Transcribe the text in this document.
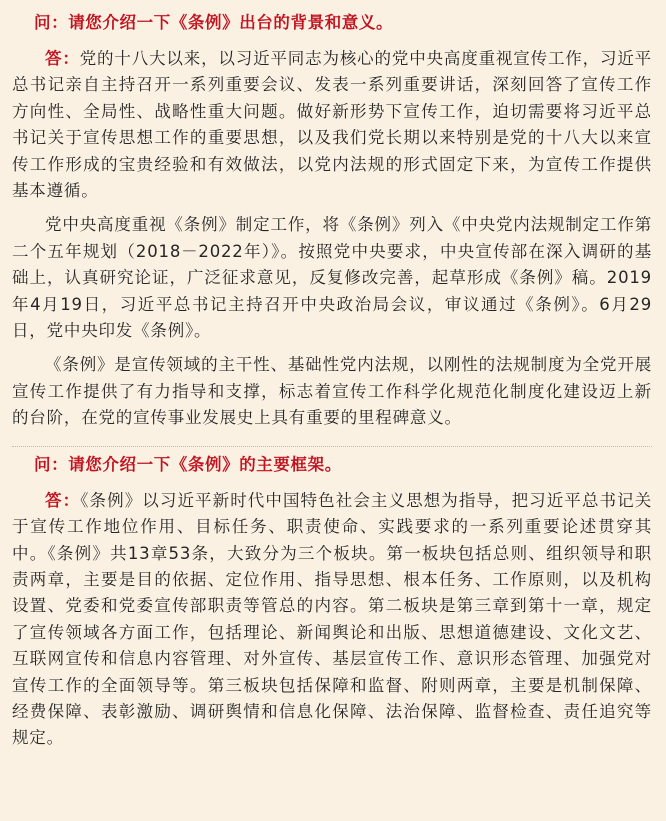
问：请您介绍一下《条例》出台的背景和意义。

答：党的十八大以来，以习近平同志为核心的党中央高度重视宣传工作，习近平总书记亲自主持召开一系列重要会议、发表一系列重要讲话，深刻回答了宣传工作方向性、全局性、战略性重大问题。做好新形势下宣传工作，迫切需要将习近平总书记关于宣传思想工作的重要思想，以及我们党长期以来特别是党的十八大以来宣传工作形成的宝贵经验和有效做法，以党内法规的形式固定下来，为宣传工作提供基本遵循。

党中央高度重视《条例》制定工作，将《条例》列入《中央党内法规制定工作第二个五年规划（2018－2022年）》。按照党中央要求，中央宣传部在深入调研的基础上，认真研究论证，广泛征求意见，反复修改完善，起草形成《条例》稿。2019年4月19日，习近平总书记主持召开中央政治局会议，审议通过《条例》。6月29日，党中央印发《条例》。

《条例》是宣传领域的主干性、基础性党内法规，以刚性的法规制度为全党开展宣传工作提供了有力指导和支撑，标志着宣传工作科学化规范化制度化建设迈上新的台阶，在党的宣传事业发展史上具有重要的里程碑意义。

问：请您介绍一下《条例》的主要框架。

答：《条例》以习近平新时代中国特色社会主义思想为指导，把习近平总书记关于宣传工作地位作用、目标任务、职责使命、实践要求的一系列重要论述贯穿其中。《条例》共13章53条，大致分为三个板块。第一板块包括总则、组织领导和职责两章，主要是目的依据、定位作用、指导思想、根本任务、工作原则，以及机构设置、党委和党委宣传部职责等管总的内容。第二板块是第三章到第十一章，规定了宣传领域各方面工作，包括理论、新闻舆论和出版、思想道德建设、文化文艺、互联网宣传和信息内容管理、对外宣传、基层宣传工作、意识形态管理、加强党对宣传工作的全面领导等。第三板块包括保障和监督、附则两章，主要是机制保障、经费保障、表彰激励、调研舆情和信息化保障、法治保障、监督检查、责任追究等规定。
